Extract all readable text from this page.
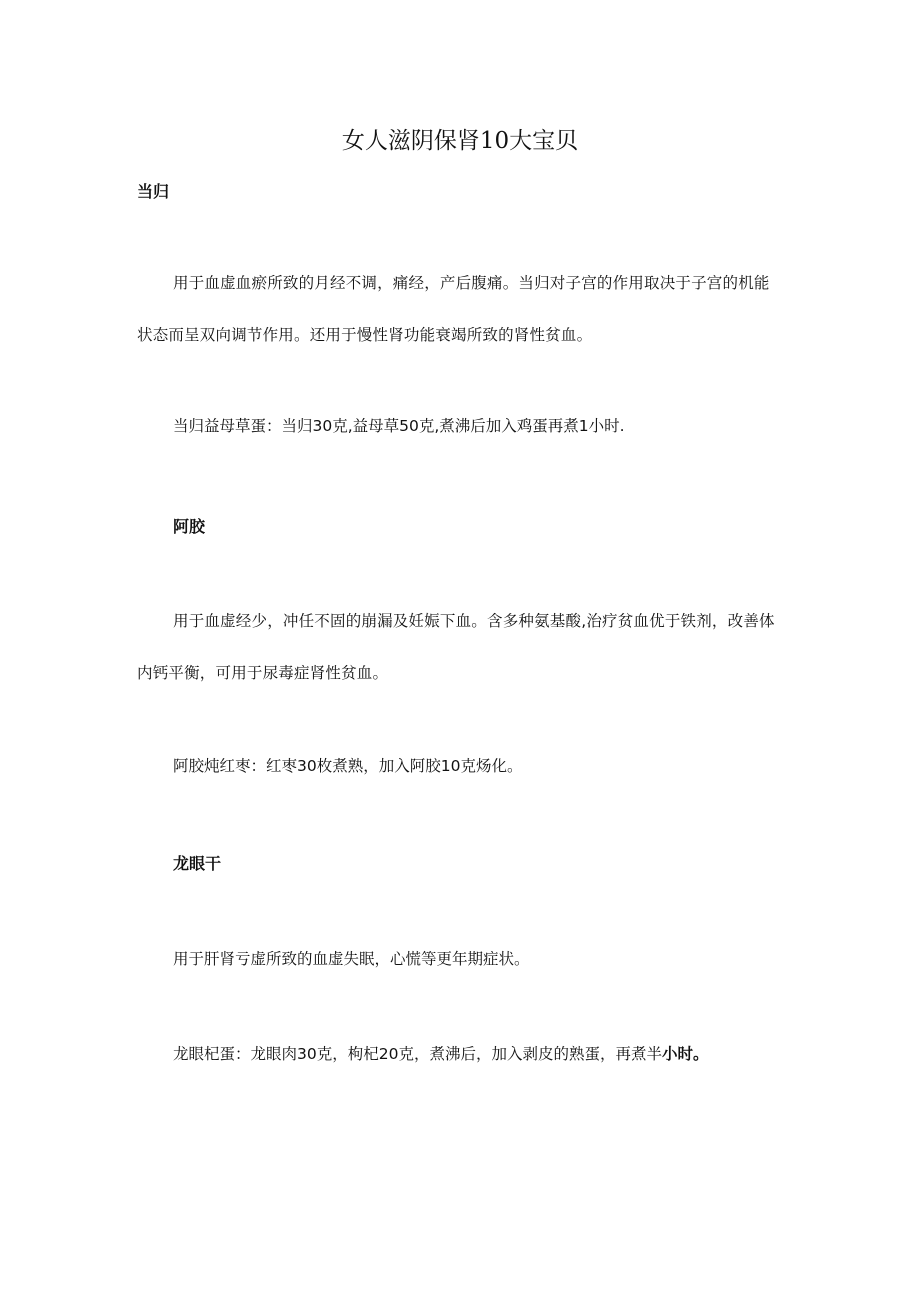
女人滋阴保肾10大宝贝
当归

用于血虚血瘀所致的月经不调，痛经，产后腹痛。当归对子宫的作用取决于子宫的机能状态而呈双向调节作用。还用于慢性肾功能衰竭所致的肾性贫血。

当归益母草蛋：当归30克,益母草50克,煮沸后加入鸡蛋再煮1小时.

阿胶

用于血虚经少，冲任不固的崩漏及妊娠下血。含多种氨基酸,治疗贫血优于铁剂，改善体内钙平衡，可用于尿毒症肾性贫血。

阿胶炖红枣：红枣30枚煮熟，加入阿胶10克炀化。

龙眼干

用于肝肾亏虚所致的血虚失眠，心慌等更年期症状。

龙眼杞蛋：龙眼肉30克，枸杞20克，煮沸后，加入剥皮的熟蛋，再煮半小时。
